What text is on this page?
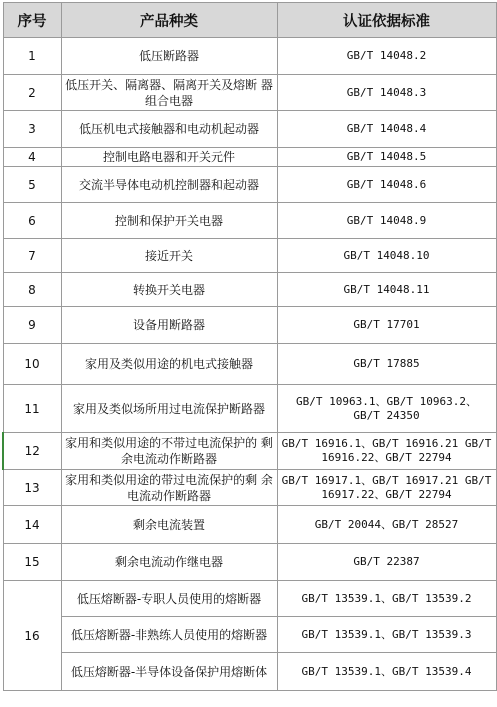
序号	产品种类	认证依据标准
1	低压断路器	GB/T 14048.2
2	低压开关、隔离器、隔离开关及熔断 器组合电器	GB/T 14048.3
3	低压机电式接触器和电动机起动器	GB/T 14048.4
4	控制电路电器和开关元件	GB/T 14048.5
5	交流半导体电动机控制器和起动器	GB/T 14048.6
6	控制和保护开关电器	GB/T 14048.9
7	接近开关	GB/T 14048.10
8	转换开关电器	GB/T 14048.11
9	设备用断路器	GB/T 17701
10	家用及类似用途的机电式接触器	GB/T 17885
11	家用及类似场所用过电流保护断路器	GB/T 10963.1、GB/T 10963.2、 GB/T 24350
12	家用和类似用途的不带过电流保护的 剩余电流动作断路器	GB/T 16916.1、GB/T 16916.21 GB/T 16916.22、GB/T 22794
13	家用和类似用途的带过电流保护的剩 余电流动作断路器	GB/T 16917.1、GB/T 16917.21 GB/T 16917.22、GB/T 22794
14	剩余电流装置	GB/T 20044、GB/T 28527
15	剩余电流动作继电器	GB/T 22387
16	低压熔断器-专职人员使用的熔断器	GB/T 13539.1、GB/T 13539.2
	低压熔断器-非熟练人员使用的熔断器	GB/T 13539.1、GB/T 13539.3
	低压熔断器-半导体设备保护用熔断体	GB/T 13539.1、GB/T 13539.4
